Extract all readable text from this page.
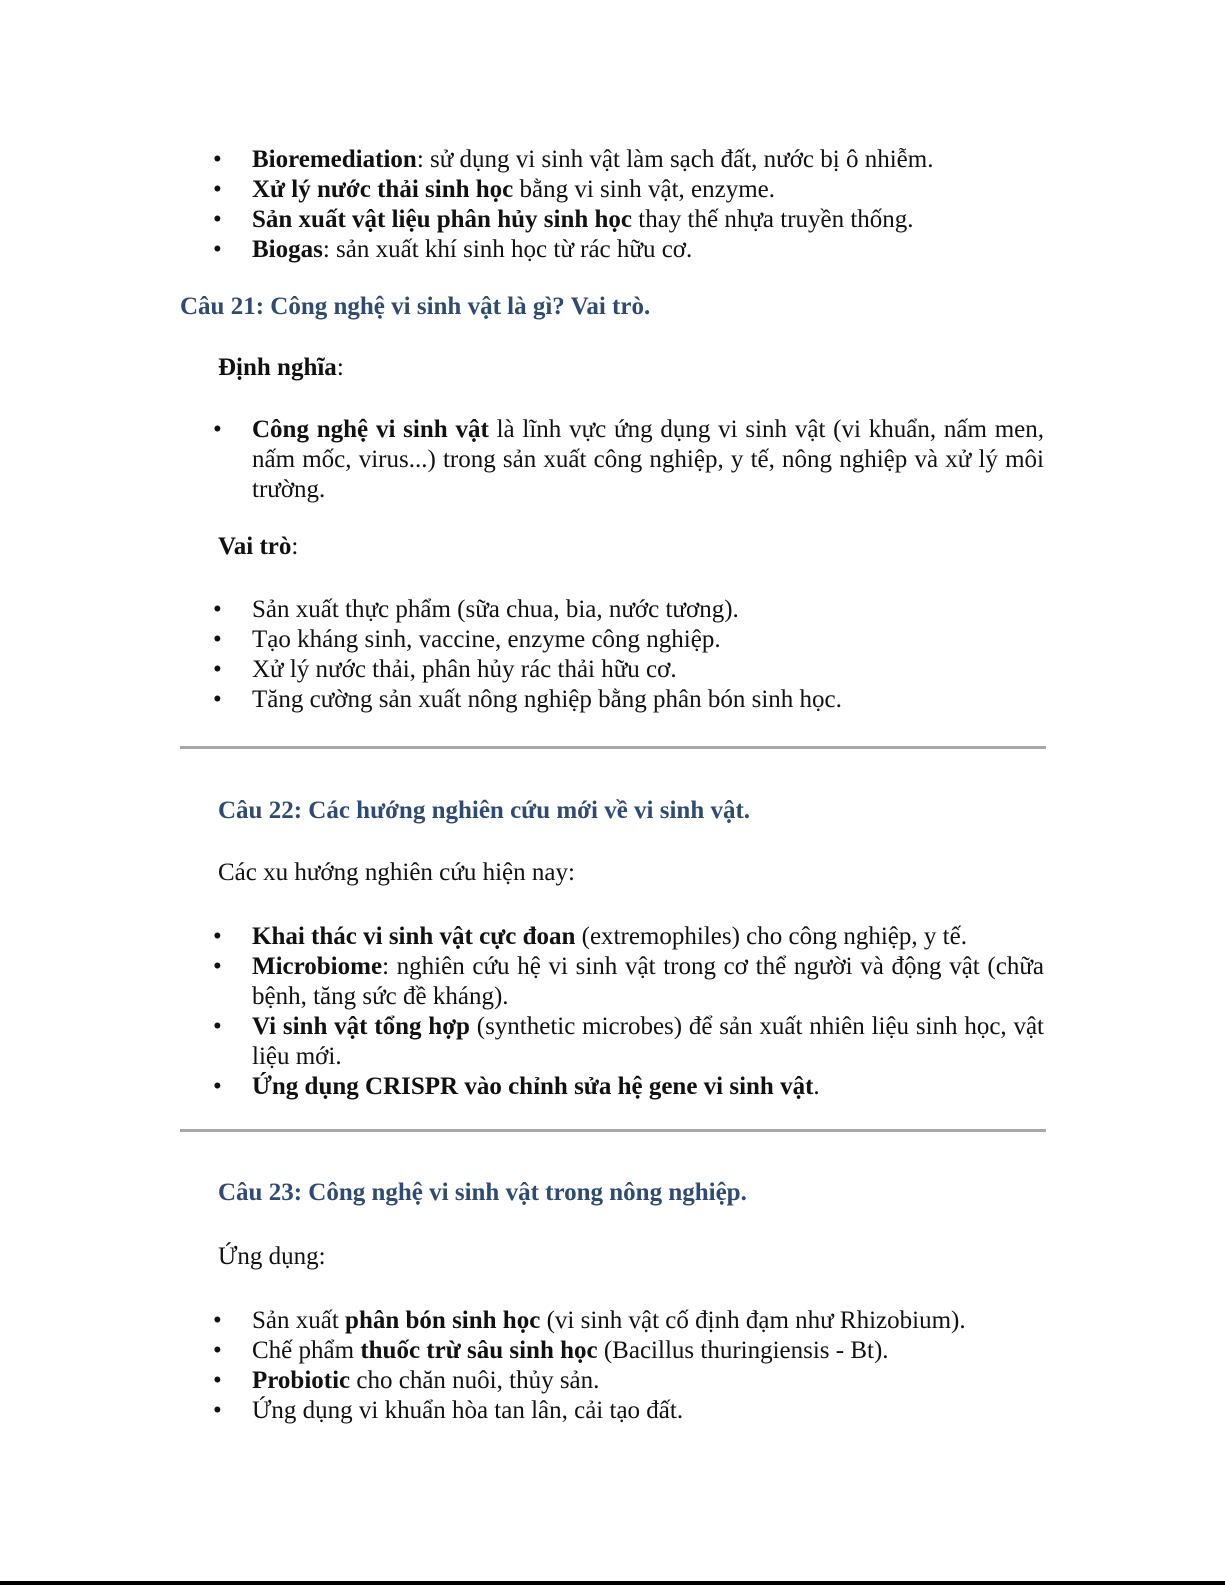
• Bioremediation: sử dụng vi sinh vật làm sạch đất, nước bị ô nhiễm.
• Xử lý nước thải sinh học bằng vi sinh vật, enzyme.
• Sản xuất vật liệu phân hủy sinh học thay thế nhựa truyền thống.
• Biogas: sản xuất khí sinh học từ rác hữu cơ.
Câu 21: Công nghệ vi sinh vật là gì? Vai trò.

Định nghĩa:

• Công nghệ vi sinh vật là lĩnh vực ứng dụng vi sinh vật (vi khuẩn, nấm men, nấm mốc, virus...) trong sản xuất công nghiệp, y tế, nông nghiệp và xử lý môi trường.

Vai trò:

• Sản xuất thực phẩm (sữa chua, bia, nước tương).
• Tạo kháng sinh, vaccine, enzyme công nghiệp.
• Xử lý nước thải, phân hủy rác thải hữu cơ.
• Tăng cường sản xuất nông nghiệp bằng phân bón sinh học.
Câu 22: Các hướng nghiên cứu mới về vi sinh vật.

Các xu hướng nghiên cứu hiện nay:

• Khai thác vi sinh vật cực đoan (extremophiles) cho công nghiệp, y tế.
• Microbiome: nghiên cứu hệ vi sinh vật trong cơ thể người và động vật (chữa bệnh, tăng sức đề kháng).
• Vi sinh vật tổng hợp (synthetic microbes) để sản xuất nhiên liệu sinh học, vật liệu mới.
• Ứng dụng CRISPR vào chỉnh sửa hệ gene vi sinh vật.
Câu 23: Công nghệ vi sinh vật trong nông nghiệp.

Ứng dụng:

• Sản xuất phân bón sinh học (vi sinh vật cố định đạm như Rhizobium).
• Chế phẩm thuốc trừ sâu sinh học (Bacillus thuringiensis - Bt).
• Probiotic cho chăn nuôi, thủy sản.
• Ứng dụng vi khuẩn hòa tan lân, cải tạo đất.
